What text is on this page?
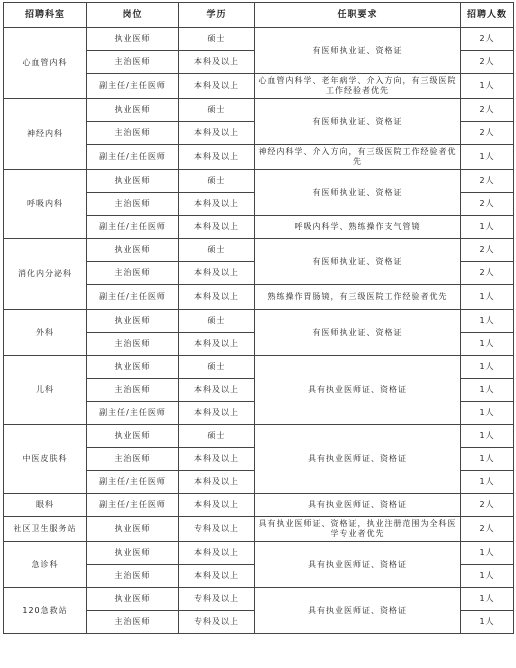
招聘科室	岗位	学历	任职要求	招聘人数
心血管内科	执业医师	硕士	有医师执业证、资格证	2人
	主治医师	本科及以上		2人
	副主任/主任医师	本科及以上	心血管内科学、老年病学、介入方向，有三级医院工作经验者优先	1人
神经内科	执业医师	硕士	有医师执业证、资格证	2人
	主治医师	本科及以上		2人
	副主任/主任医师	本科及以上	神经内科学、介入方向，有三级医院工作经验者优先	1人
呼吸内科	执业医师	硕士	有医师执业证、资格证	2人
	主治医师	本科及以上		2人
	副主任/主任医师	本科及以上	呼吸内科学、熟练操作支气管镜	1人
消化内分泌科	执业医师	硕士	有医师执业证、资格证	2人
	主治医师	本科及以上		2人
	副主任/主任医师	本科及以上	熟练操作胃肠镜，有三级医院工作经验者优先	1人
外科	执业医师	硕士	有医师执业证、资格证	1人
	主治医师	本科及以上		1人
儿科	执业医师	硕士	具有执业医师证、资格证	1人
	主治医师	本科及以上		1人
	副主任/主任医师	本科及以上		1人
中医皮肤科	执业医师	硕士	具有执业医师证、资格证	1人
	主治医师	本科及以上		1人
	副主任/主任医师	本科及以上		1人
眼科	副主任/主任医师	本科及以上	具有执业医师证、资格证	2人
社区卫生服务站	执业医师	专科及以上	具有执业医师证、资格证，执业注册范围为全科医学专业者优先	2人
急诊科	执业医师	本科及以上	具有执业医师证、资格证	1人
	主治医师	本科及以上		1人
120急救站	执业医师	专科及以上	具有执业医师证、资格证	1人
	主治医师	专科及以上		1人
